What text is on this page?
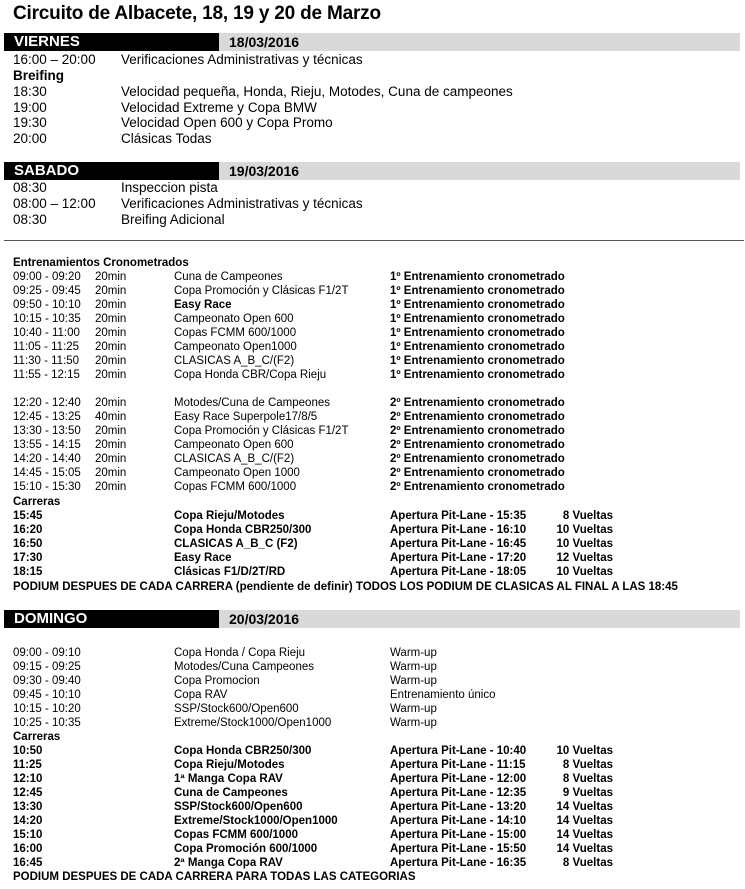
Circuito de Albacete, 18, 19 y 20 de Marzo
VIERNES	18/03/2016
16:00 – 20:00 Verificaciones Administrativas y técnicas
Breifing
18:30	Velocidad pequeña, Honda, Rieju, Motodes, Cuna de campeones
19:00	Velocidad Extreme y Copa BMW
19:30	Velocidad Open 600 y Copa Promo
20:00	Clásicas Todas
SABADO	19/03/2016
08:30	Inspeccion pista
08:00 – 12:00 Verificaciones Administrativas y técnicas
08:30	Breifing Adicional
Entrenamientos Cronometrados
Carreras
PODIUM DESPUES DE CADA CARRERA (pendiente de definir) TODOS LOS PODIUM DE CLASICAS AL FINAL A LAS 18:45
DOMINGO	20/03/2016
Carreras
PODIUM DESPUES DE CADA CARRERA PARA TODAS LAS CATEGORIAS
09:00 - 09:20 20min	Cuna de Campeones	1º Entrenamiento cronometrado
09:25 - 09:45 20min	Copa Promoción y Clásicas F1/2T	1º Entrenamiento cronometrado
09:50 - 10:10 20min	Easy Race	1º Entrenamiento cronometrado
10:15 - 10:35 20min	Campeonato Open 600	1º Entrenamiento cronometrado
10:40 - 11:00 20min	Copas FCMM 600/1000	1º Entrenamiento cronometrado
11:05 - 11:25 20min	Campeonato Open1000	1º Entrenamiento cronometrado
11:30 - 11:50 20min	CLASICAS A_B_C/(F2)	1º Entrenamiento cronometrado
11:55 - 12:15 20min	Copa Honda CBR/Copa Rieju	1º Entrenamiento cronometrado
12:20 - 12:40 20min	Motodes/Cuna de Campeones	2º Entrenamiento cronometrado
12:45 - 13:25 40min	Easy Race Superpole17/8/5	2º Entrenamiento cronometrado
13:30 - 13:50 20min	Copa Promoción y Clásicas F1/2T	2º Entrenamiento cronometrado
13:55 - 14:15 20min	Campeonato Open 600	2º Entrenamiento cronometrado
14:20 - 14:40 20min	CLASICAS A_B_C/(F2)	2º Entrenamiento cronometrado
14:45 - 15:05 20min	Campeonato Open 1000	2º Entrenamiento cronometrado
15:10 - 15:30 20min	Copas FCMM 600/1000	2º Entrenamiento cronometrado
15:45	Copa Rieju/Motodes	Apertura Pit-Lane - 15:35	8 Vueltas
16:20	Copa Honda CBR250/300	Apertura Pit-Lane - 16:10	10 Vueltas
16:50	CLASICAS A_B_C (F2)	Apertura Pit-Lane - 16:45	10 Vueltas
17:30	Easy Race	Apertura Pit-Lane - 17:20	12 Vueltas
18:15	Clásicas F1/D/2T/RD	Apertura Pit-Lane - 18:05	10 Vueltas
09:00 - 09:10	Copa Honda / Copa Rieju	Warm-up
09:15 - 09:25	Motodes/Cuna Campeones	Warm-up
09:30 - 09:40	Copa Promocion	Warm-up
09:45 - 10:10	Copa RAV	Entrenamiento único
10:15 - 10:20	SSP/Stock600/Open600	Warm-up
10:25 - 10:35	Extreme/Stock1000/Open1000	Warm-up
10:50	Copa Honda CBR250/300	Apertura Pit-Lane - 10:40	10 Vueltas
11:25	Copa Rieju/Motodes	Apertura Pit-Lane - 11:15	8 Vueltas
12:10	1ª Manga Copa RAV	Apertura Pit-Lane - 12:00	8 Vueltas
12:45	Cuna de Campeones	Apertura Pit-Lane - 12:35	9 Vueltas
13:30	SSP/Stock600/Open600	Apertura Pit-Lane - 13:20	14 Vueltas
14:20	Extreme/Stock1000/Open1000	Apertura Pit-Lane - 14:10	14 Vueltas
15:10	Copas FCMM 600/1000	Apertura Pit-Lane - 15:00	14 Vueltas
16:00	Copa Promoción 600/1000	Apertura Pit-Lane - 15:50	14 Vueltas
16:45	2ª Manga Copa RAV	Apertura Pit-Lane - 16:35	8 Vueltas
